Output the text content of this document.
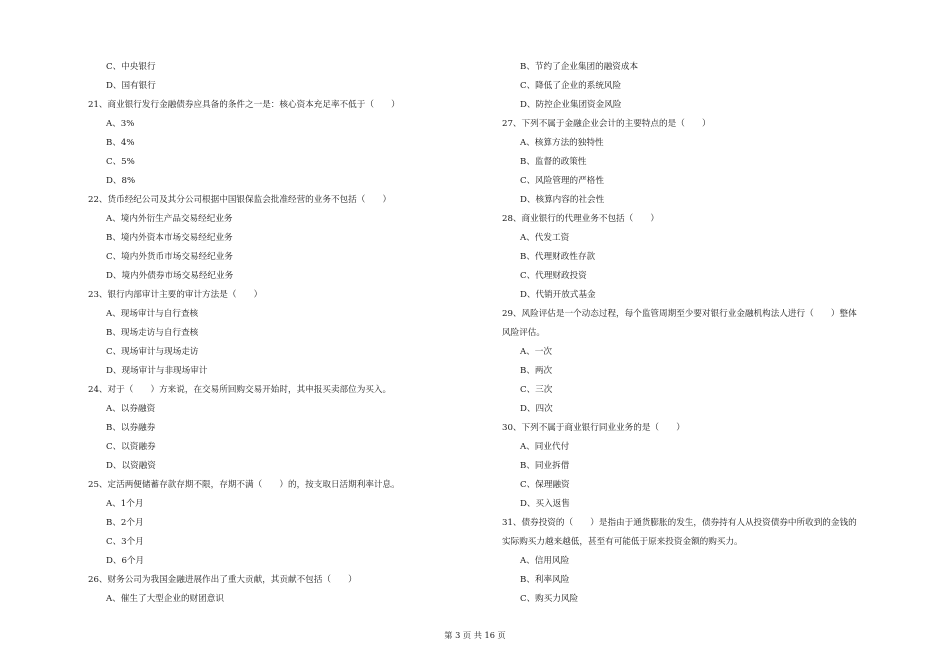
C、中央银行
D、国有银行
21、商业银行发行金融债券应具备的条件之一是：核心资本充足率不低于（　　）
A、3%
B、4%
C、5%
D、8%
22、货币经纪公司及其分公司根据中国银保监会批准经营的业务不包括（　　）
A、境内外衍生产品交易经纪业务
B、境内外资本市场交易经纪业务
C、境内外货币市场交易经纪业务
D、境内外债券市场交易经纪业务
23、银行内部审计主要的审计方法是（　　）
A、现场审计与自行查核
B、现场走访与自行查核
C、现场审计与现场走访
D、现场审计与非现场审计
24、对于（　　）方来说，在交易所回购交易开始时，其申报买卖部位为买入。
A、以券融资
B、以券融券
C、以资融券
D、以资融资
25、定活两便储蓄存款存期不限，存期不满（　　）的，按支取日活期利率计息。
A、1个月
B、2个月
C、3个月
D、6个月
26、财务公司为我国金融进展作出了重大贡献，其贡献不包括（　　）
A、催生了大型企业的财团意识
B、节约了企业集团的融资成本
C、降低了企业的系统风险
D、防控企业集团资金风险
27、下列不属于金融企业会计的主要特点的是（　　）
A、核算方法的独特性
B、监督的政策性
C、风险管理的严格性
D、核算内容的社会性
28、商业银行的代理业务不包括（　　）
A、代发工资
B、代理财政性存款
C、代理财政投资
D、代销开放式基金
29、风险评估是一个动态过程，每个监管周期至少要对银行业金融机构法人进行（　　）整体
风险评估。
A、一次
B、两次
C、三次
D、四次
30、下列不属于商业银行同业业务的是（　　）
A、同业代付
B、同业拆借
C、保理融资
D、买入返售
31、债券投资的（　　）是指由于通货膨胀的发生，债券持有人从投资债券中所收到的金钱的
实际购买力越来越低，甚至有可能低于原来投资金额的购买力。
A、信用风险
B、利率风险
C、购买力风险
第 3 页 共 16 页
